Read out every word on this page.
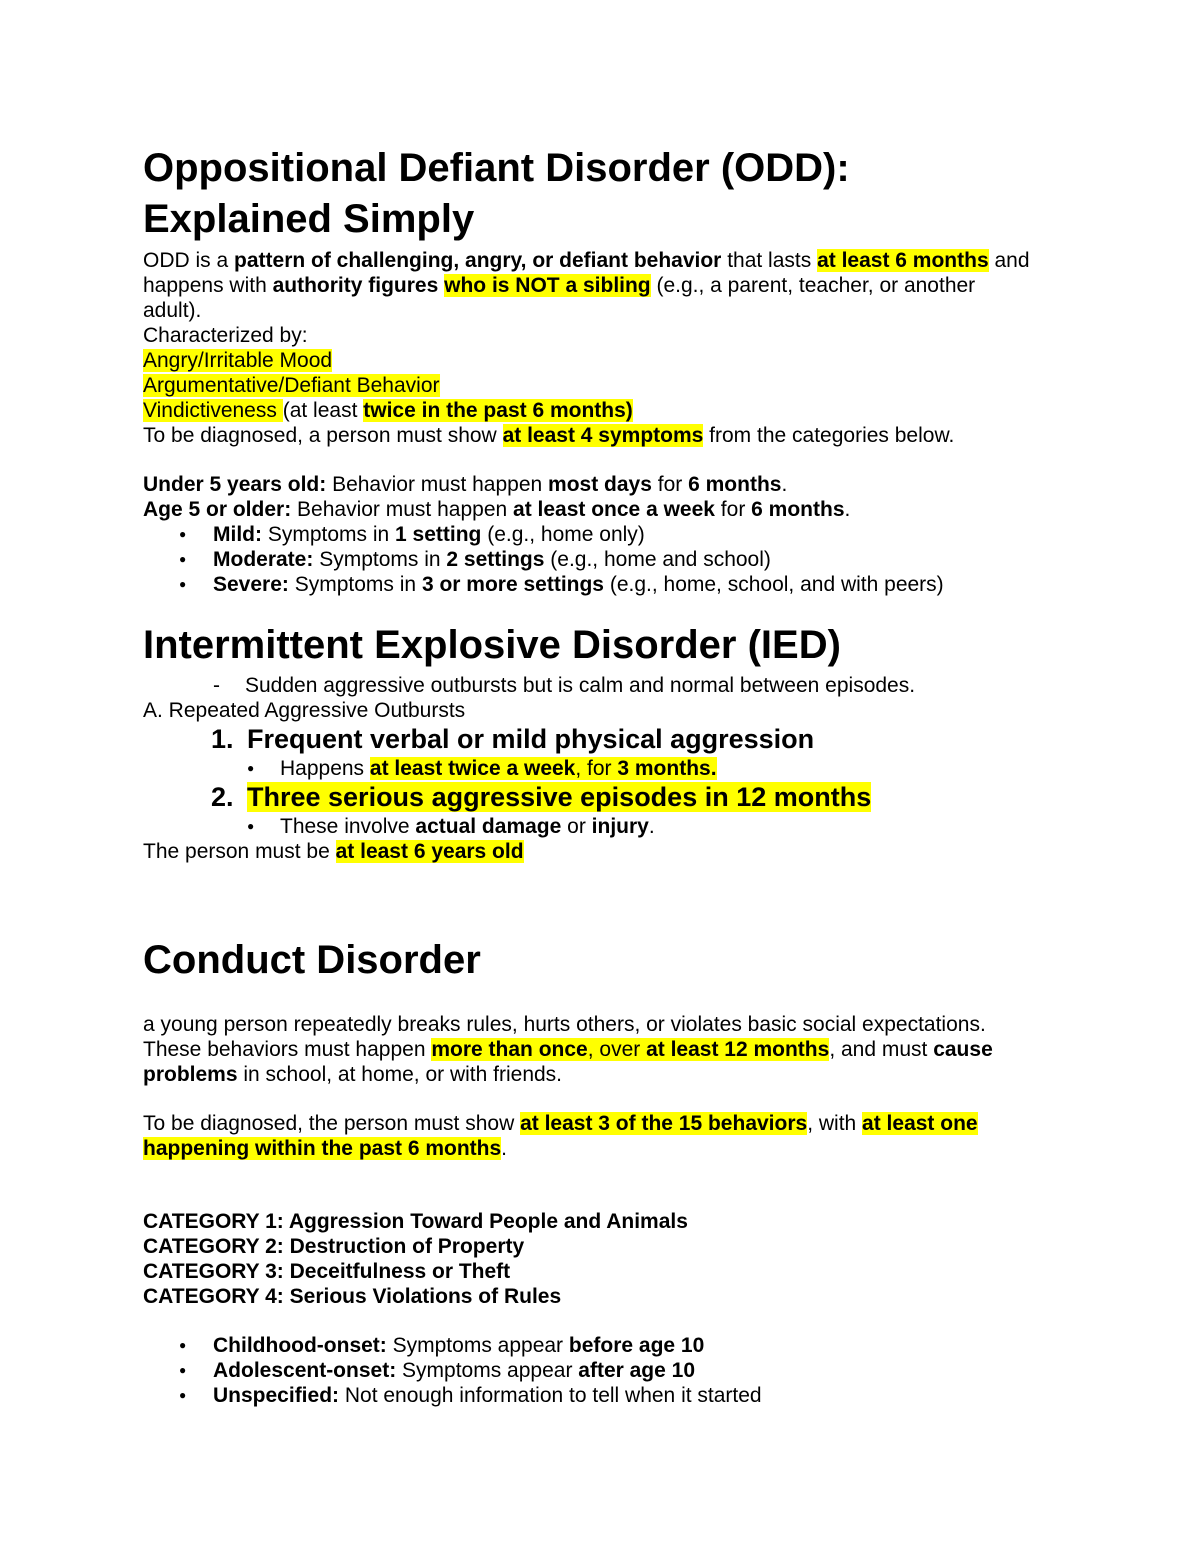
Oppositional Defiant Disorder (ODD):
Explained Simply
ODD is a pattern of challenging, angry, or defiant behavior that lasts at least 6 months and
happens with authority figures who is NOT a sibling (e.g., a parent, teacher, or another
adult).
Characterized by:
Angry/Irritable Mood
Argumentative/Defiant Behavior
Vindictiveness (at least twice in the past 6 months)
To be diagnosed, a person must show at least 4 symptoms from the categories below.
Under 5 years old: Behavior must happen most days for 6 months.
Age 5 or older: Behavior must happen at least once a week for 6 months.
● Mild: Symptoms in 1 setting (e.g., home only)
● Moderate: Symptoms in 2 settings (e.g., home and school)
● Severe: Symptoms in 3 or more settings (e.g., home, school, and with peers)
Intermittent Explosive Disorder (IED)
- Sudden aggressive outbursts but is calm and normal between episodes.
A. Repeated Aggressive Outbursts
1. Frequent verbal or mild physical aggression
● Happens at least twice a week, for 3 months.
2. Three serious aggressive episodes in 12 months
● These involve actual damage or injury.
The person must be at least 6 years old
Conduct Disorder
a young person repeatedly breaks rules, hurts others, or violates basic social expectations.
These behaviors must happen more than once, over at least 12 months, and must cause
problems in school, at home, or with friends.
To be diagnosed, the person must show at least 3 of the 15 behaviors, with at least one
happening within the past 6 months.
CATEGORY 1: Aggression Toward People and Animals
CATEGORY 2: Destruction of Property
CATEGORY 3: Deceitfulness or Theft
CATEGORY 4: Serious Violations of Rules
● Childhood-onset: Symptoms appear before age 10
● Adolescent-onset: Symptoms appear after age 10
● Unspecified: Not enough information to tell when it started
